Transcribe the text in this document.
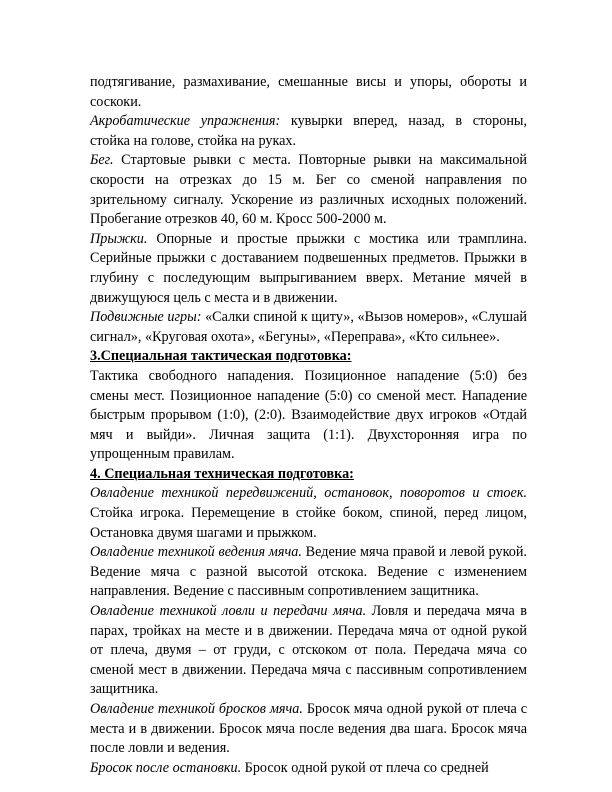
подтягивание, размахивание, смешанные висы и упоры, обороты и соскоки.

Акробатические упражнения: кувырки вперед, назад, в стороны, стойка на голове, стойка на руках.

Бег. Стартовые рывки с места. Повторные рывки на максимальной скорости на отрезках до 15 м. Бег со сменой направления по зрительному сигналу. Ускорение из различных исходных положений. Пробегание отрезков 40, 60 м. Кросс 500-2000 м.

Прыжки. Опорные и простые прыжки с мостика или трамплина. Серийные прыжки с доставанием подвешенных предметов. Прыжки в глубину с последующим выпрыгиванием вверх. Метание мячей в движущуюся цель с места и в движении.

Подвижные игры: «Салки спиной к щиту», «Вызов номеров», «Слушай сигнал», «Круговая охота», «Бегуны», «Переправа», «Кто сильнее».

3.Специальная тактическая подготовка:

Тактика свободного нападения. Позиционное нападение (5:0) без смены мест. Позиционное нападение (5:0) со сменой мест. Нападение быстрым прорывом (1:0), (2:0). Взаимодействие двух игроков «Отдай мяч и выйди». Личная защита (1:1). Двухсторонняя игра по упрощенным правилам.

4. Специальная техническая подготовка:

Овладение техникой передвижений, остановок, поворотов и стоек. Стойка игрока. Перемещение в стойке боком, спиной, перед лицом, Остановка двумя шагами и прыжком.

Овладение техникой ведения мяча. Ведение мяча правой и левой рукой. Ведение мяча с разной высотой отскока. Ведение с изменением направления. Ведение с пассивным сопротивлением защитника.

Овладение техникой ловли и передачи мяча. Ловля и передача мяча в парах, тройках на месте и в движении. Передача мяча от одной рукой от плеча, двумя – от груди, с отскоком от пола. Передача мяча со сменой мест в движении. Передача мяча с пассивным сопротивлением защитника.

Овладение техникой бросков мяча. Бросок мяча одной рукой от плеча с места и в движении. Бросок мяча после ведения два шага. Бросок мяча после ловли и ведения.

Бросок после остановки. Бросок одной рукой от плеча со средней
